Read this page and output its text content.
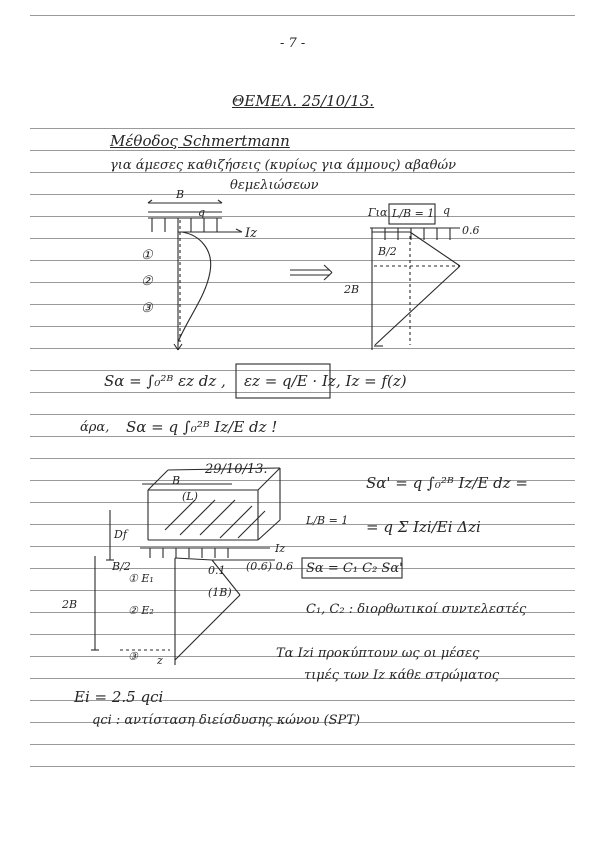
- 7 -
ΘΕΜΕΛ. 25/10/13.
Μέθοδος Schmertmann
για άμεσες καθιζήσεις (κυρίως για άμμους) αβαθών
θεμελιώσεων
B
q
Iz
①
②
③
Για L/B = 1 q
0.6
B/2
2B
Sα = ∫₀²ᴮ εz dz , εz = q/E · Iz , Iz = f(z)
άρα, Sα = q ∫₀²ᴮ Iz/E dz !
29/10/13.
B
(L)
Df
B/2
2B
0.1 (0.6) 0.6
Iz
(1B)
z
① E₁
② E₂
③
Sα' = q ∫₀²ᴮ Iz/E dz =
L/B = 1 = q Σ Izi/Ei Δzi
Sα = C₁ C₂ Sα'
C₁, C₂ : διορθωτικοί συντελεστές
Τα Izi προκύπτουν ως οι μέσες
τιμές των Iz κάθε στρώματος
Ei = 2.5 qci
qci : αντίσταση διείσδυσης κώνου (SPT)
